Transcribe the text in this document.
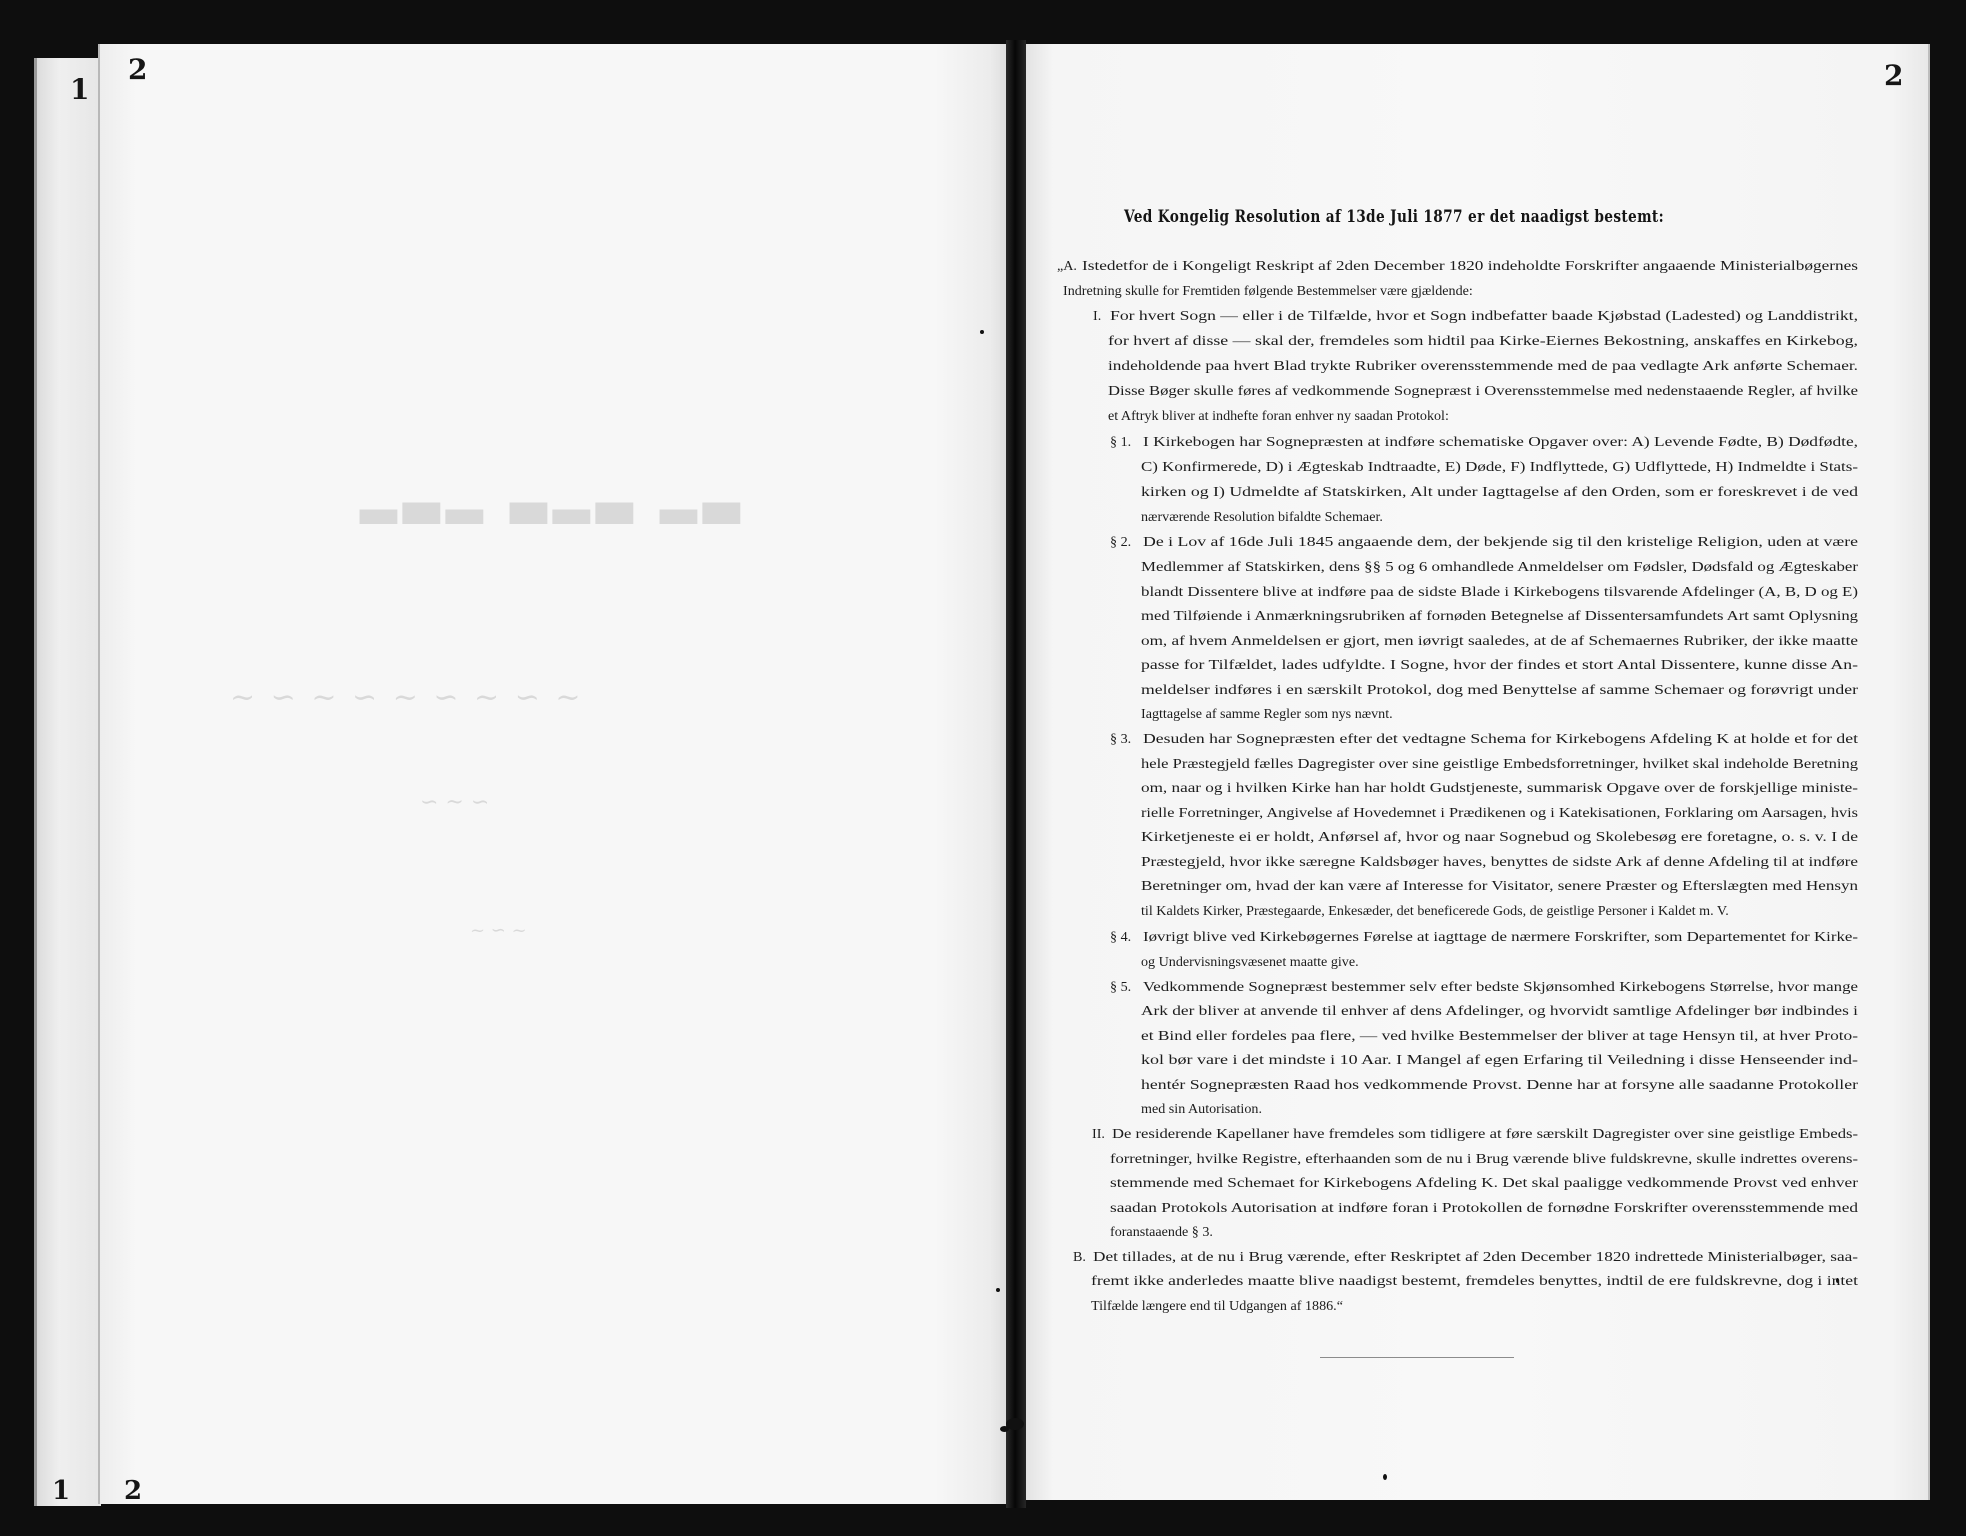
1
2	2
1 2
▂▃▂ ▃▂▃ ▂▃
~ ∽ ~ ∽ ~ ∽ ~ ∽ ~
∽ ~ ∽
~ ∽ ~
Ved Kongelig Resolution af 13de Juli 1877 er det naadigst bestemt:
„A. Istedetfor de i Kongeligt Reskript af 2den December 1820 indeholdte Forskrifter angaaende Ministerialbøgernes
Indretning skulle for Fremtiden følgende Bestemmelser være gjældende:
I. For hvert Sogn — eller i de Tilfælde, hvor et Sogn indbefatter baade Kjøbstad (Ladested) og Landdistrikt,
for hvert af disse — skal der, fremdeles som hidtil paa Kirke-Eiernes Bekostning, anskaffes en Kirkebog,
indeholdende paa hvert Blad trykte Rubriker overensstemmende med de paa vedlagte Ark anførte Schemaer.
Disse Bøger skulle føres af vedkommende Sognepræst i Overensstemmelse med nedenstaaende Regler, af hvilke
et Aftryk bliver at indhefte foran enhver ny saadan Protokol:
§ 1. I Kirkebogen har Sognepræsten at indføre schematiske Opgaver over: A) Levende Fødte, B) Dødfødte,
C) Konfirmerede, D) i Ægteskab Indtraadte, E) Døde, F) Indflyttede, G) Udflyttede, H) Indmeldte i Stats-
kirken og I) Udmeldte af Statskirken, Alt under Iagttagelse af den Orden, som er foreskrevet i de ved
nærværende Resolution bifaldte Schemaer.
§ 2. De i Lov af 16de Juli 1845 angaaende dem, der bekjende sig til den kristelige Religion, uden at være
Medlemmer af Statskirken, dens §§ 5 og 6 omhandlede Anmeldelser om Fødsler, Dødsfald og Ægteskaber
blandt Dissentere blive at indføre paa de sidste Blade i Kirkebogens tilsvarende Afdelinger (A, B, D og E)
med Tilføiende i Anmærkningsrubriken af fornøden Betegnelse af Dissentersamfundets Art samt Oplysning
om, af hvem Anmeldelsen er gjort, men iøvrigt saaledes, at de af Schemaernes Rubriker, der ikke maatte
passe for Tilfældet, lades udfyldte. I Sogne, hvor der findes et stort Antal Dissentere, kunne disse An-
meldelser indføres i en særskilt Protokol, dog med Benyttelse af samme Schemaer og forøvrigt under
Iagttagelse af samme Regler som nys nævnt.
§ 3. Desuden har Sognepræsten efter det vedtagne Schema for Kirkebogens Afdeling K at holde et for det
hele Præstegjeld fælles Dagregister over sine geistlige Embedsforretninger, hvilket skal indeholde Beretning
om, naar og i hvilken Kirke han har holdt Gudstjeneste, summarisk Opgave over de forskjellige ministe-
rielle Forretninger, Angivelse af Hovedemnet i Prædikenen og i Katekisationen, Forklaring om Aarsagen, hvis
Kirketjeneste ei er holdt, Anførsel af, hvor og naar Sognebud og Skolebesøg ere foretagne, o. s. v. I de
Præstegjeld, hvor ikke særegne Kaldsbøger haves, benyttes de sidste Ark af denne Afdeling til at indføre
Beretninger om, hvad der kan være af Interesse for Visitator, senere Præster og Efterslægten med Hensyn
til Kaldets Kirker, Præstegaarde, Enkesæder, det beneficerede Gods, de geistlige Personer i Kaldet m. V.
§ 4. Iøvrigt blive ved Kirkebøgernes Førelse at iagttage de nærmere Forskrifter, som Departementet for Kirke-
og Undervisningsvæsenet maatte give.
§ 5. Vedkommende Sognepræst bestemmer selv efter bedste Skjønsomhed Kirkebogens Størrelse, hvor mange
Ark der bliver at anvende til enhver af dens Afdelinger, og hvorvidt samtlige Afdelinger bør indbindes i
et Bind eller fordeles paa flere, — ved hvilke Bestemmelser der bliver at tage Hensyn til, at hver Proto-
kol bør vare i det mindste i 10 Aar. I Mangel af egen Erfaring til Veiledning i disse Henseender ind-
hentér Sognepræsten Raad hos vedkommende Provst. Denne har at forsyne alle saadanne Protokoller
med sin Autorisation.
II. De residerende Kapellaner have fremdeles som tidligere at føre særskilt Dagregister over sine geistlige Embeds-
forretninger, hvilke Registre, efterhaanden som de nu i Brug værende blive fuldskrevne, skulle indrettes overens-
stemmende med Schemaet for Kirkebogens Afdeling K. Det skal paaligge vedkommende Provst ved enhver
saadan Protokols Autorisation at indføre foran i Protokollen de fornødne Forskrifter overensstemmende med
foranstaaende § 3.
B. Det tillades, at de nu i Brug værende, efter Reskriptet af 2den December 1820 indrettede Ministerialbøger, saa-
fremt ikke anderledes maatte blive naadigst bestemt, fremdeles benyttes, indtil de ere fuldskrevne, dog i intet
Tilfælde længere end til Udgangen af 1886.“
